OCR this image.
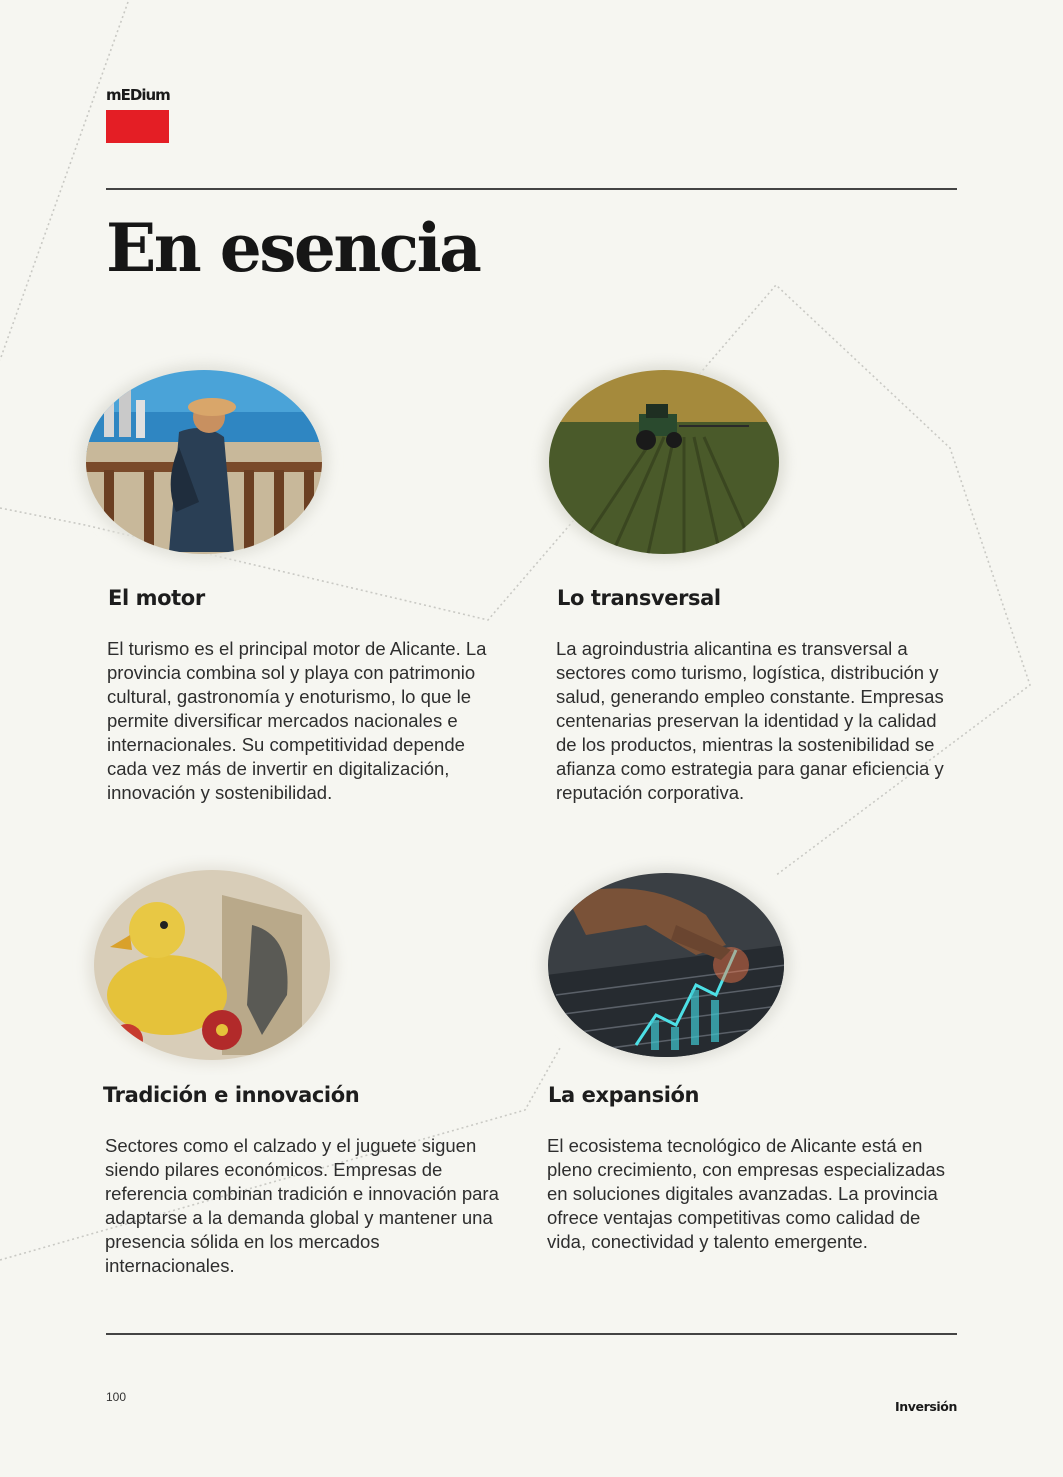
mEDium
En esencia
El motor
El turismo es el principal motor de Alicante. La provincia combina sol y playa con patrimonio cultural, gastronomía y enoturismo, lo que le permite diversificar mercados nacionales e internacionales. Su competitividad depende cada vez más de invertir en digitalización, innovación y sostenibilidad.
Lo transversal
La agroindustria alicantina es transversal a sectores como turismo, logística, distribución y salud, generando empleo constante. Empresas centenarias preservan la identidad y la calidad de los productos, mientras la sostenibilidad se afianza como estrategia para ganar eficiencia y reputación corporativa.
Tradición e innovación
Sectores como el calzado y el juguete siguen siendo pilares económicos. Empresas de referencia combinan tradición e innovación para adaptarse a la demanda global y mantener una presencia sólida en los mercados internacionales.
La expansión
El ecosistema tecnológico de Alicante está en pleno crecimiento, con empresas especializadas en soluciones digitales avanzadas. La provincia ofrece ventajas competitivas como calidad de vida, conectividad y talento emergente.
100
Inversión
